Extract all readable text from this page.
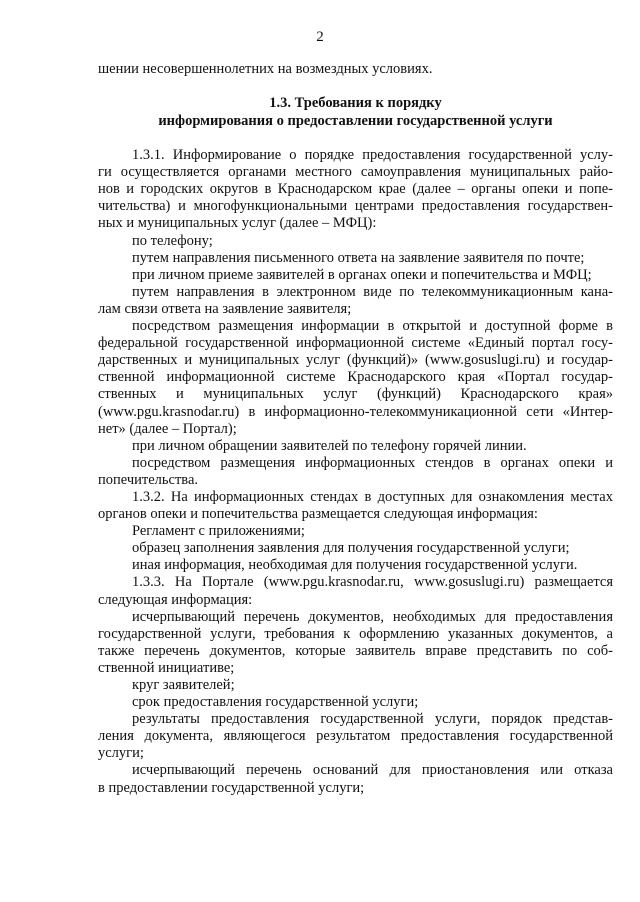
2

шении несовершеннолетних на возмездных условиях.

1.3. Требования к порядку
информирования о предоставлении государственной услуги

1.3.1. Информирование о порядке предоставления государственной услу-

ги осуществляется органами местного самоуправления муниципальных райо-

нов и городских округов в Краснодарском крае (далее – органы опеки и попе-

чительства) и многофункциональными центрами предоставления государствен-

ных и муниципальных услуг (далее – МФЦ):

по телефону;

путем направления письменного ответа на заявление заявителя по почте;

при личном приеме заявителей в органах опеки и попечительства и МФЦ;

путем направления в электронном виде по телекоммуникационным кана-

лам связи ответа на заявление заявителя;

посредством размещения информации в открытой и доступной форме в

федеральной государственной информационной системе «Единый портал госу-

дарственных и муниципальных услуг (функций)» (www.gosuslugi.ru) и государ-

ственной информационной системе Краснодарского края «Портал государ-

ственных и муниципальных услуг (функций) Краснодарского края»

(www.pgu.krasnodar.ru) в информационно-телекоммуникационной сети «Интер-

нет» (далее – Портал);

при личном обращении заявителей по телефону горячей линии.

посредством размещения информационных стендов в органах опеки и

попечительства.

1.3.2. На информационных стендах в доступных для ознакомления местах

органов опеки и попечительства размещается следующая информация:

Регламент с приложениями;

образец заполнения заявления для получения государственной услуги;

иная информация, необходимая для получения государственной услуги.

1.3.3. На Портале (www.pgu.krasnodar.ru, www.gosuslugi.ru) размещается

следующая информация:

исчерпывающий перечень документов, необходимых для предоставления

государственной услуги, требования к оформлению указанных документов, а

также перечень документов, которые заявитель вправе представить по соб-

ственной инициативе;

круг заявителей;

срок предоставления государственной услуги;

результаты предоставления государственной услуги, порядок представ-

ления документа, являющегося результатом предоставления государственной

услуги;

исчерпывающий перечень оснований для приостановления или отказа

в предоставлении государственной услуги;
